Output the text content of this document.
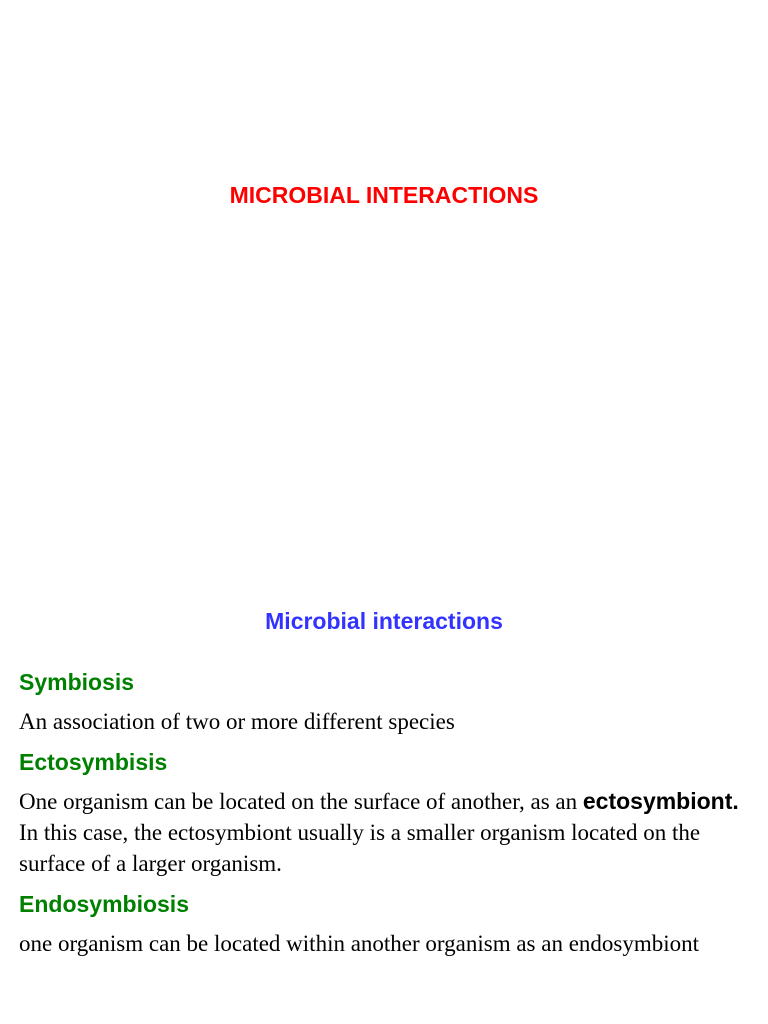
MICROBIAL INTERACTIONS
Microbial interactions
Symbiosis
An association of two or more different species
Ectosymbisis
One organism can be located on the surface of another, as an ectosymbiont. In this case, the ectosymbiont usually is a smaller organism located on the surface of a larger organism.
Endosymbiosis
one organism can be located within another organism as an endosymbiont
